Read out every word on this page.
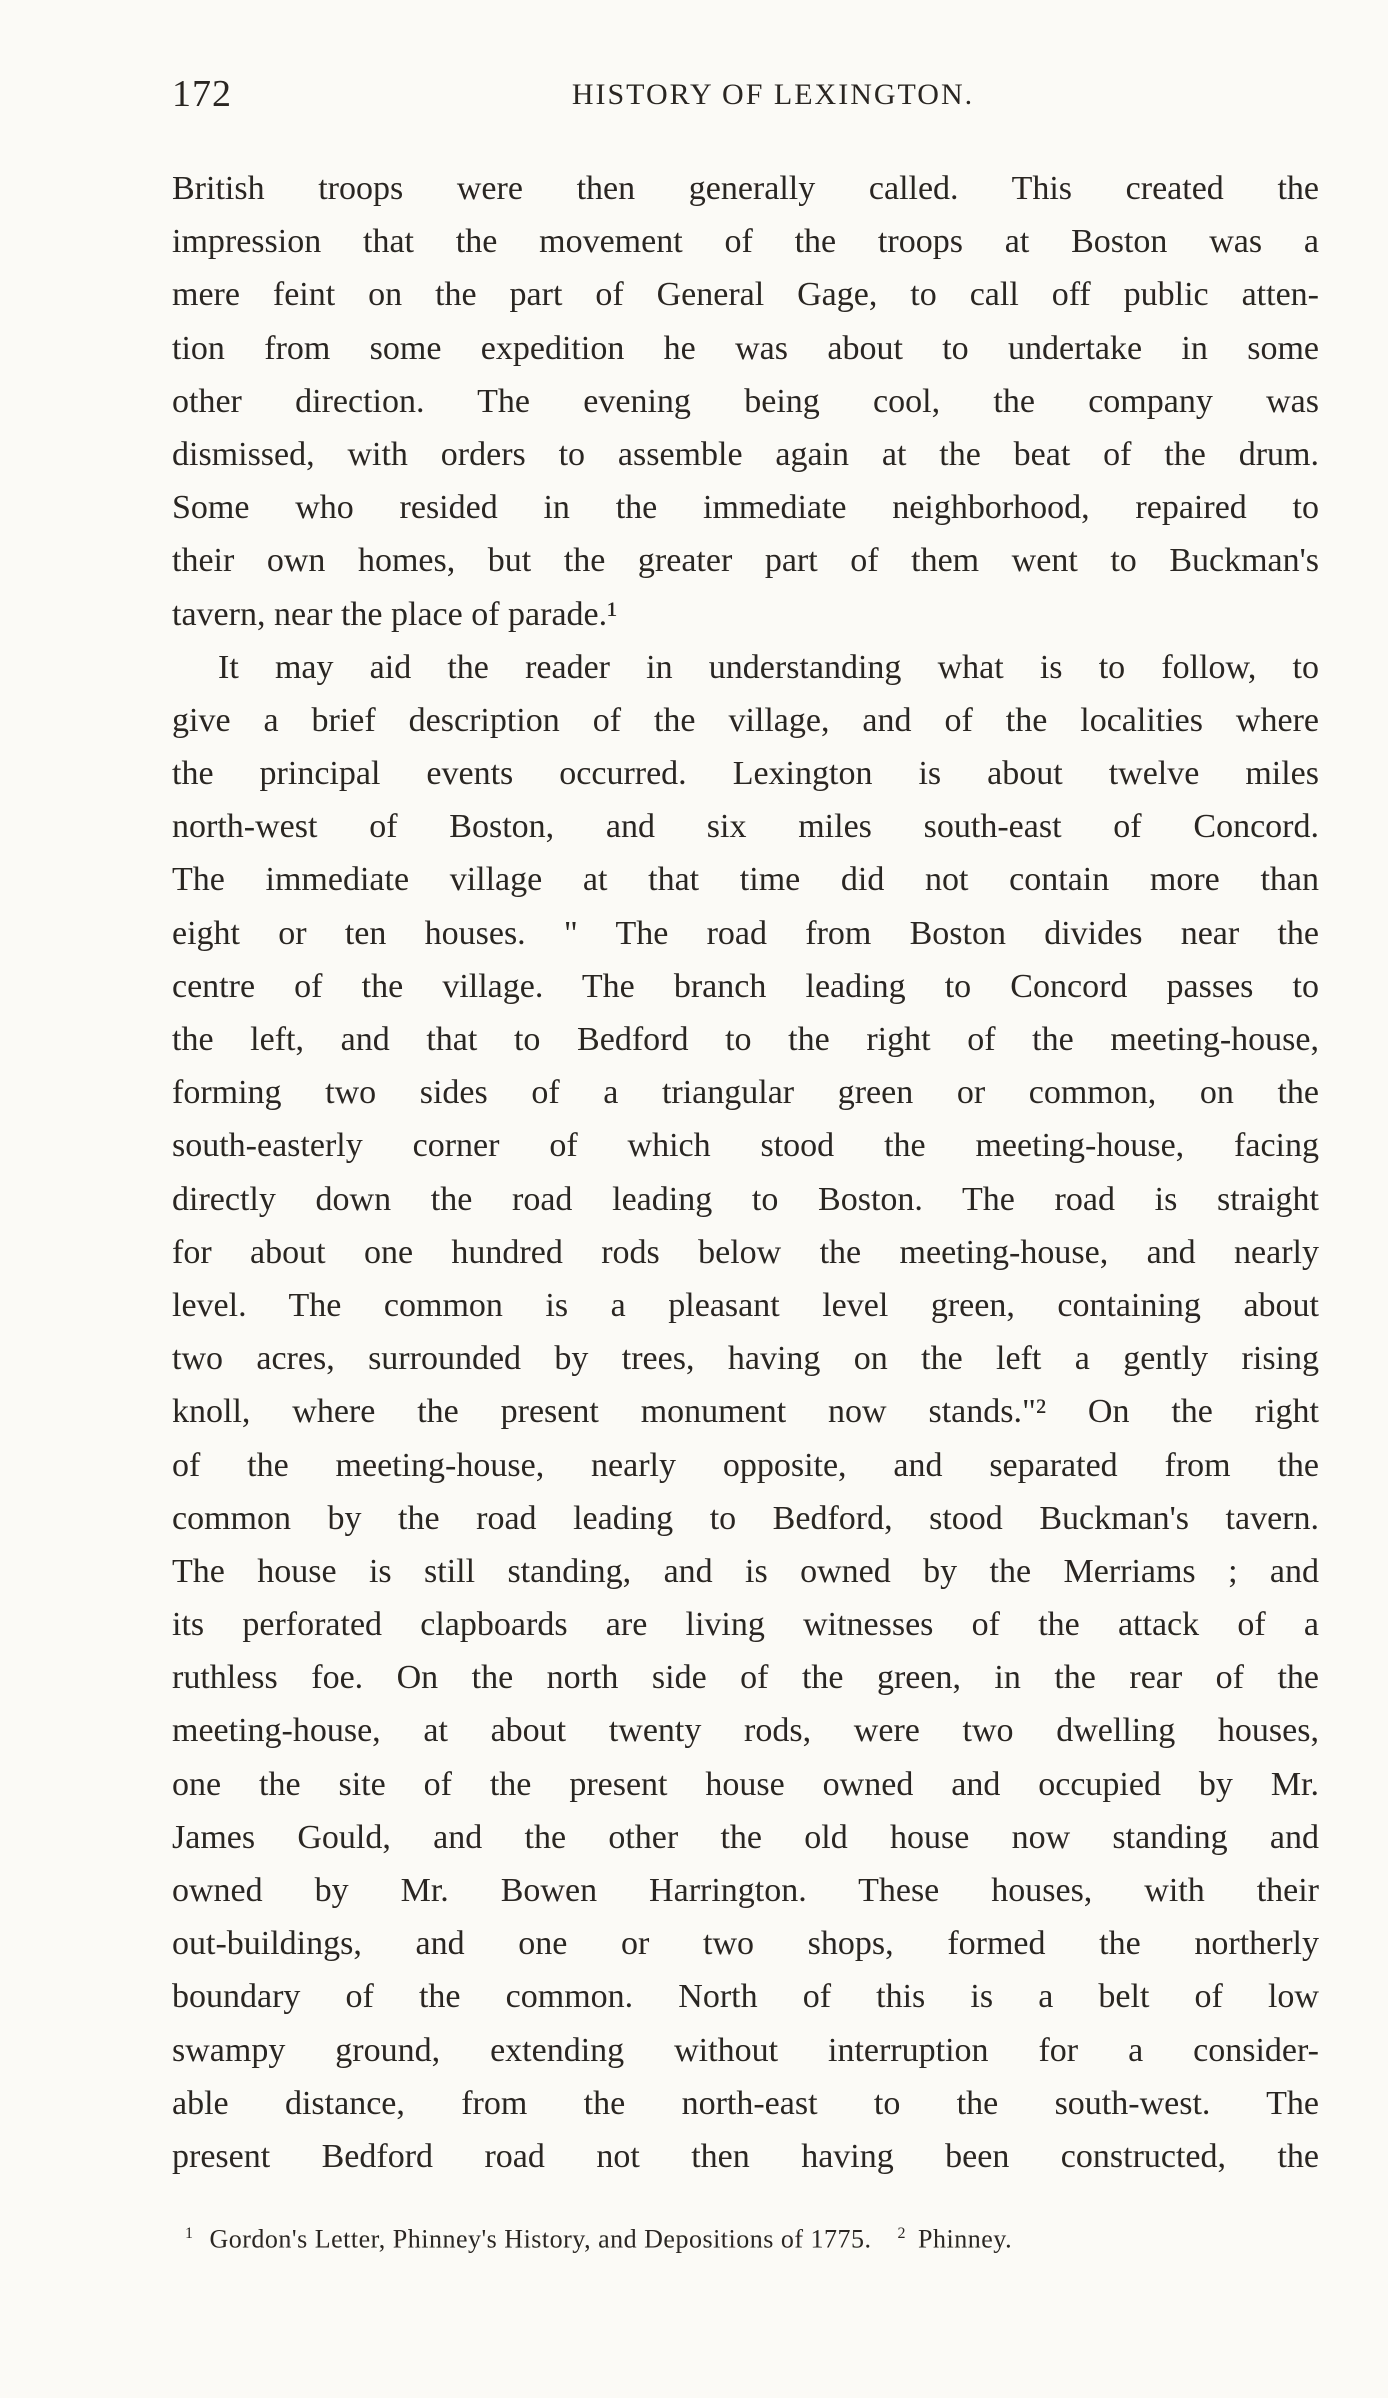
172	HISTORY OF LEXINGTON.
British troops were then generally called. This created the
impression that the movement of the troops at Boston was a
mere feint on the part of General Gage, to call off public atten-
tion from some expedition he was about to undertake in some
other direction. The evening being cool, the company was
dismissed, with orders to assemble again at the beat of the drum.
Some who resided in the immediate neighborhood, repaired to
their own homes, but the greater part of them went to Buckman's
tavern, near the place of parade.¹
It may aid the reader in understanding what is to follow, to
give a brief description of the village, and of the localities where
the principal events occurred. Lexington is about twelve miles
north-west of Boston, and six miles south-east of Concord.
The immediate village at that time did not contain more than
eight or ten houses. " The road from Boston divides near the
centre of the village. The branch leading to Concord passes to
the left, and that to Bedford to the right of the meeting-house,
forming two sides of a triangular green or common, on the
south-easterly corner of which stood the meeting-house, facing
directly down the road leading to Boston. The road is straight
for about one hundred rods below the meeting-house, and nearly
level. The common is a pleasant level green, containing about
two acres, surrounded by trees, having on the left a gently rising
knoll, where the present monument now stands."² On the right
of the meeting-house, nearly opposite, and separated from the
common by the road leading to Bedford, stood Buckman's tavern.
The house is still standing, and is owned by the Merriams ; and
its perforated clapboards are living witnesses of the attack of a
ruthless foe. On the north side of the green, in the rear of the
meeting-house, at about twenty rods, were two dwelling houses,
one the site of the present house owned and occupied by Mr.
James Gould, and the other the old house now standing and
owned by Mr. Bowen Harrington. These houses, with their
out-buildings, and one or two shops, formed the northerly
boundary of the common. North of this is a belt of low
swampy ground, extending without interruption for a consider-
able distance, from the north-east to the south-west. The
present Bedford road not then having been constructed, the
$^1$ Gordon's Letter, Phinney's History, and Depositions of 1775. $^2$ Phinney.
